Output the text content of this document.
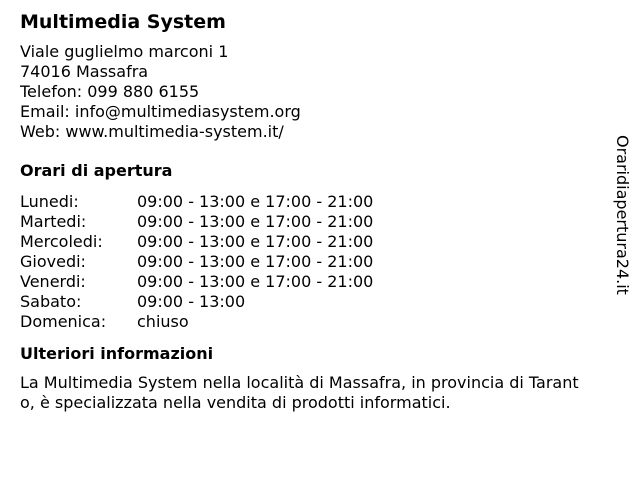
Multimedia System
Viale guglielmo marconi 1
74016 Massafra
Telefon: 099 880 6155
Email: info@multimediasystem.org
Web: www.multimedia-system.it/
Orari di apertura
Lunedi:	09:00 - 13:00 e 17:00 - 21:00
Martedi:	09:00 - 13:00 e 17:00 - 21:00
Mercoledi:	09:00 - 13:00 e 17:00 - 21:00
Giovedi:	09:00 - 13:00 e 17:00 - 21:00
Venerdi:	09:00 - 13:00 e 17:00 - 21:00
Sabato:	09:00 - 13:00
Domenica:	chiuso
Ulteriori informazioni
La Multimedia System nella località di Massafra, in provincia di Taranto, è specializzata nella vendita di prodotti informatici.
Oraridiapertura24.it
